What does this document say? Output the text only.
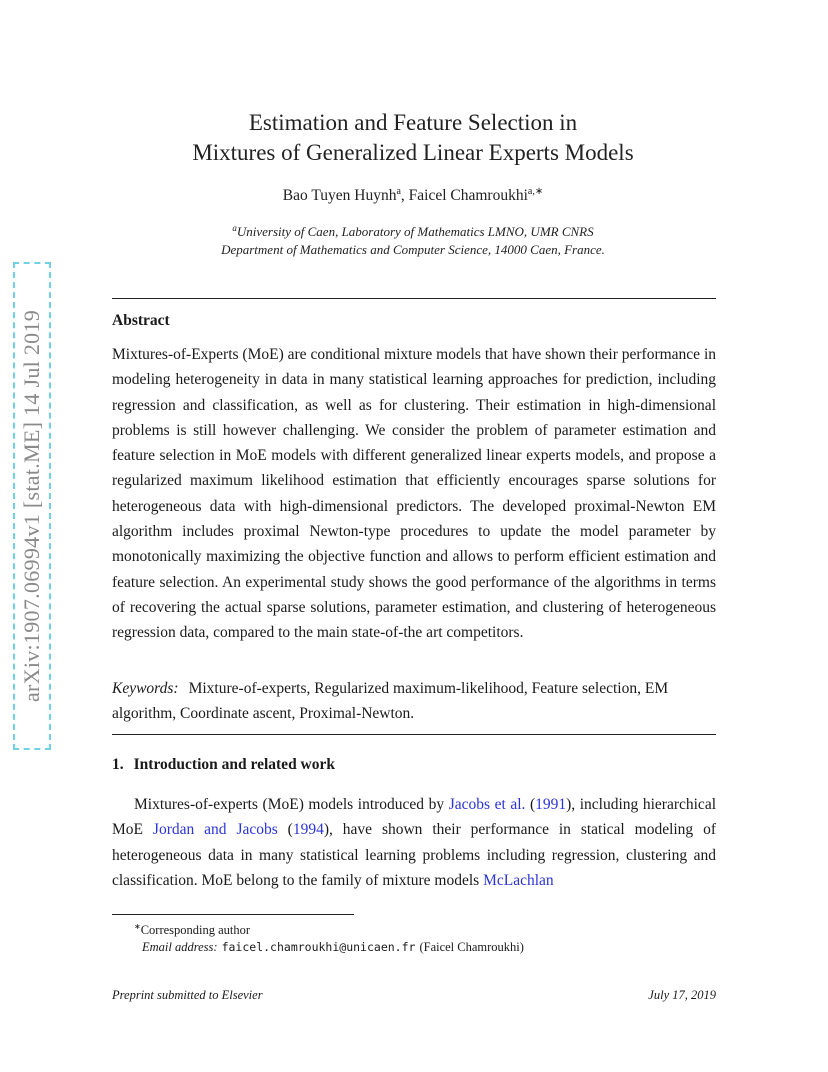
arXiv:1907.06994v1 [stat.ME] 14 Jul 2019
Estimation and Feature Selection in
Mixtures of Generalized Linear Experts Models
Bao Tuyen Huynh$^a$, Faicel Chamroukhi$^{a,∗}$
$^a$University of Caen, Laboratory of Mathematics LMNO, UMR CNRS
Department of Mathematics and Computer Science, 14000 Caen, France.
Abstract
Mixtures-of-Experts (MoE) are conditional mixture models that have shown their performance in modeling heterogeneity in data in many statistical learning approaches for prediction, including regression and classification, as well as for clustering. Their estimation in high-dimensional problems is still however challenging. We consider the problem of parameter estimation and feature selection in MoE models with different generalized linear experts models, and propose a regularized maximum likelihood estimation that efficiently encourages sparse solutions for heterogeneous data with high-dimensional predictors. The developed proximal-Newton EM algorithm includes proximal Newton-type procedures to update the model parameter by monotonically maximizing the objective function and allows to perform efficient estimation and feature selection. An experimental study shows the good performance of the algorithms in terms of recovering the actual sparse solutions, parameter estimation, and clustering of heterogeneous regression data, compared to the main state-of-the art competitors.
Keywords: Mixture-of-experts, Regularized maximum-likelihood, Feature selection, EM algorithm, Coordinate ascent, Proximal-Newton.
1. Introduction and related work
Mixtures-of-experts (MoE) models introduced by Jacobs et al. (1991), including hierarchical MoE Jordan and Jacobs (1994), have shown their performance in statical modeling of heterogeneous data in many statistical learning problems including regression, clustering and classification. MoE belong to the family of mixture models McLachlan
∗Corresponding author
Email address: faicel.chamroukhi@unicaen.fr (Faicel Chamroukhi)
Preprint submitted to Elsevier	July 17, 2019
